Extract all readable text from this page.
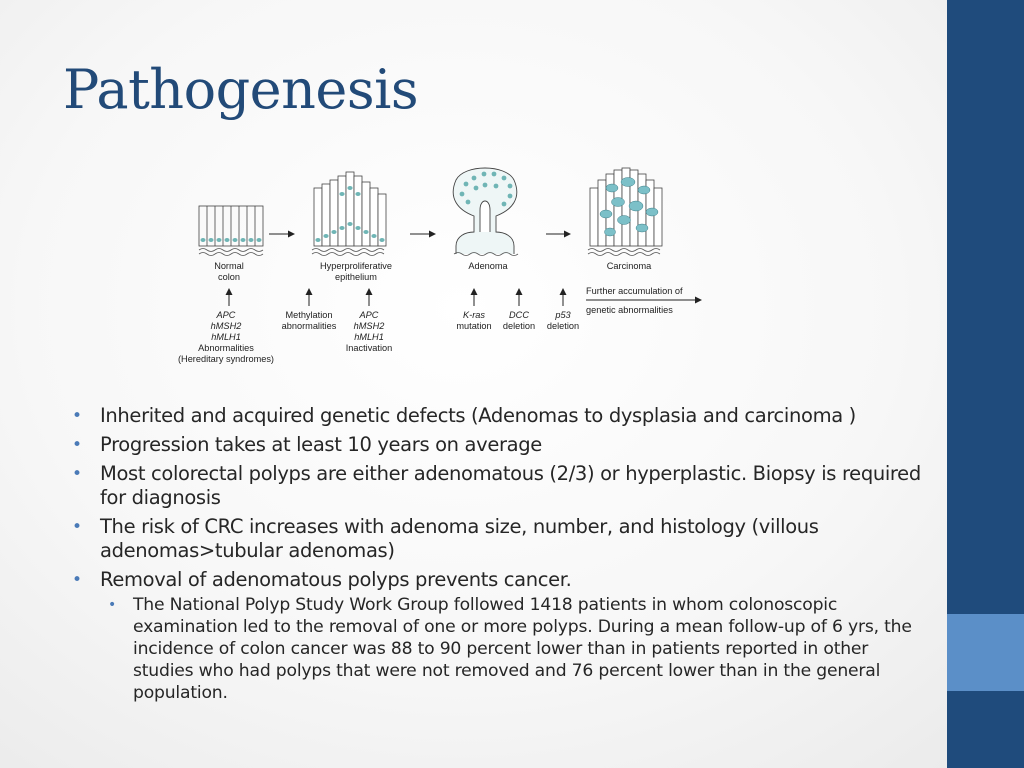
Pathogenesis
Normal
colon
Hyperproliferative
epithelium
Adenoma	Carcinoma
APC
hMSH2
hMLH1
Abnormalities
(Hereditary syndromes)
Methylation
abnormalities
APC
hMSH2
hMLH1
Inactivation
K-ras
mutation
DCC
deletion
p53
deletion
Further accumulation of
genetic abnormalities
• Inherited and acquired genetic defects (Adenomas to dysplasia and carcinoma )
• Progression takes at least 10 years on average
• Most colorectal polyps are either adenomatous (2/3) or hyperplastic. Biopsy is required for diagnosis
• The risk of CRC increases with adenoma size, number, and histology (villous adenomas>tubular adenomas)
• Removal of adenomatous polyps prevents cancer.
• The National Polyp Study Work Group followed 1418 patients in whom colonoscopic examination led to the removal of one or more polyps. During a mean follow-up of 6 yrs, the incidence of colon cancer was 88 to 90 percent lower than in patients reported in other studies who had polyps that were not removed and 76 percent lower than in the general population.
